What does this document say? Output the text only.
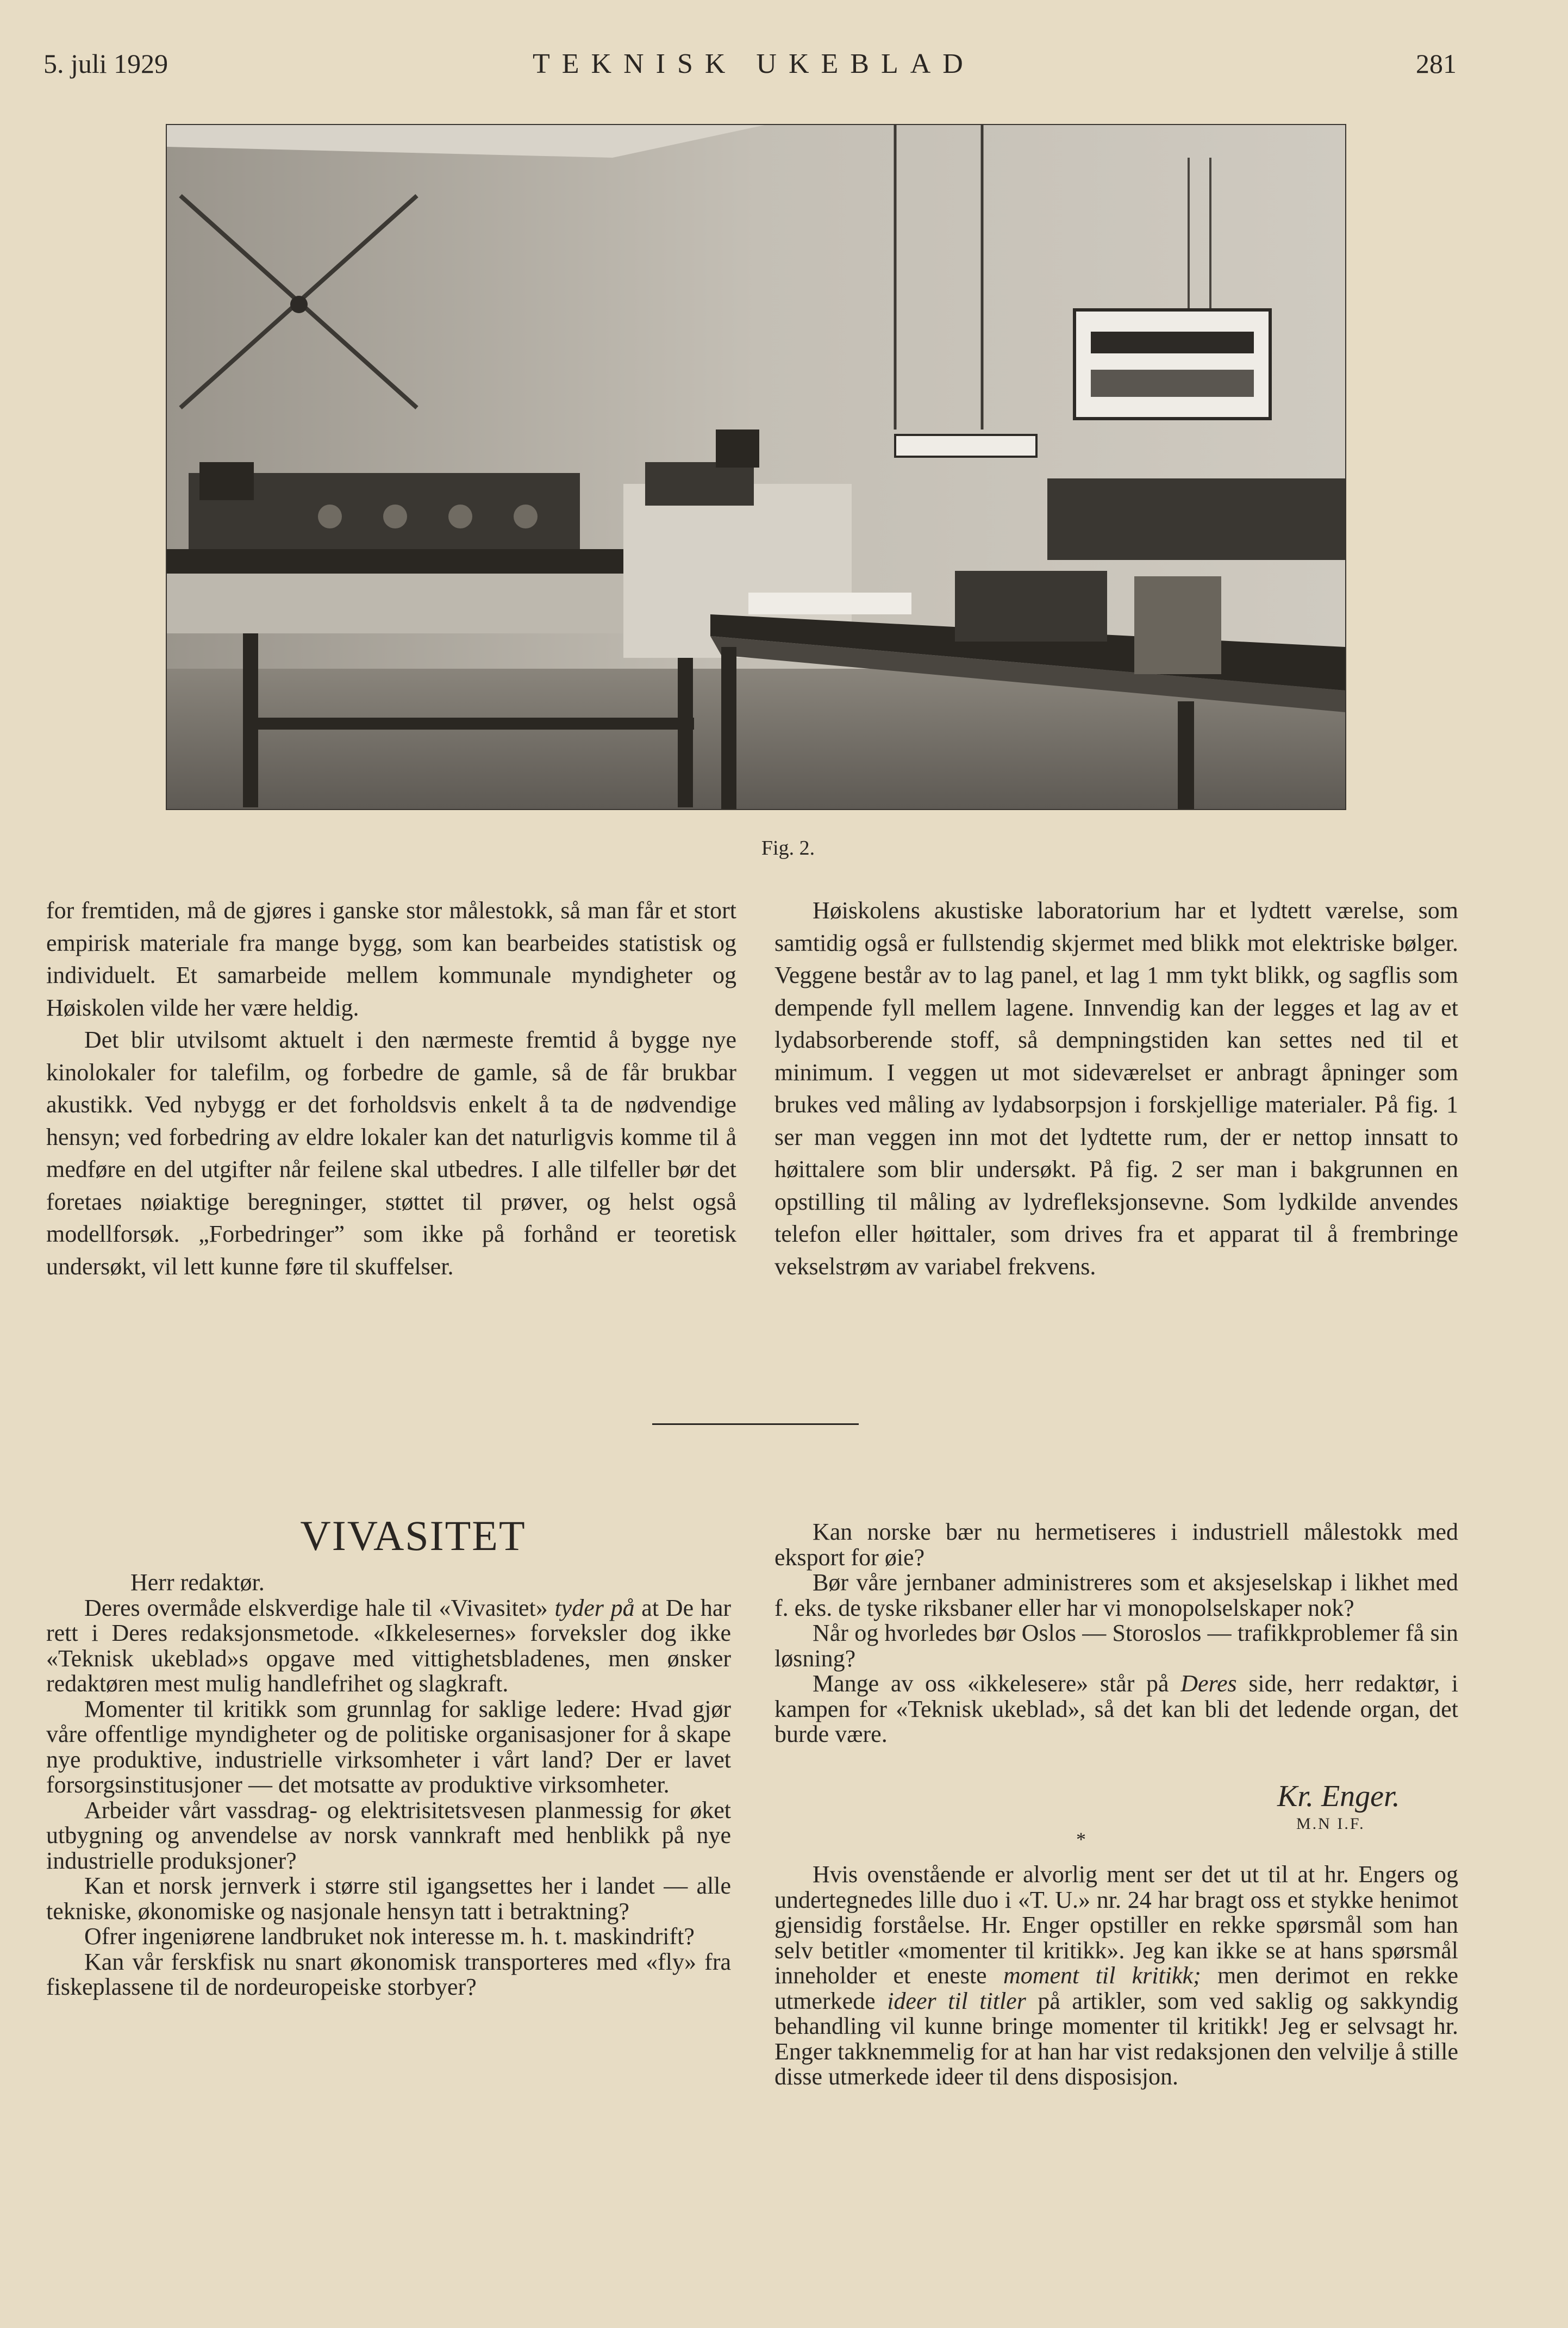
5. juli 1929	TEKNISK UKEBLAD	281
Fig. 2.

for fremtiden, må de gjøres i ganske stor målestokk, så man får et stort empirisk materiale fra mange bygg, som kan bearbeides statistisk og individuelt. Et samarbeide mellem kommunale myndigheter og Høiskolen vilde her være heldig.

Det blir utvilsomt aktuelt i den nærmeste fremtid å bygge nye kinolokaler for talefilm, og forbedre de gamle, så de får brukbar akustikk. Ved nybygg er det forholdsvis enkelt å ta de nødvendige hensyn; ved forbedring av eldre lokaler kan det naturligvis komme til å medføre en del utgifter når feilene skal utbedres. I alle tilfeller bør det foretaes nøiaktige beregninger, støttet til prøver, og helst også modellforsøk. „Forbedringer” som ikke på forhånd er teoretisk undersøkt, vil lett kunne føre til skuffelser.

Høiskolens akustiske laboratorium har et lydtett værelse, som samtidig også er fullstendig skjermet med blikk mot elektriske bølger. Veggene består av to lag panel, et lag 1 mm tykt blikk, og sagflis som dempende fyll mellem lagene. Innvendig kan der legges et lag av et lydabsorberende stoff, så dempningstiden kan settes ned til et minimum. I veggen ut mot sideværelset er anbragt åpninger som brukes ved måling av lydabsorpsjon i forskjellige materialer. På fig. 1 ser man veggen inn mot det lydtette rum, der er nettop innsatt to høittalere som blir undersøkt. På fig. 2 ser man i bakgrunnen en opstilling til måling av lydrefleksjonsevne. Som lydkilde anvendes telefon eller høittaler, som drives fra et apparat til å frembringe vekselstrøm av variabel frekvens.

VIVASITET

Herr redaktør.

Deres overmåde elskverdige hale til «Vivasitet» tyder på at De har rett i Deres redaksjonsmetode. «Ikkelesernes» forveksler dog ikke «Teknisk ukeblad»s opgave med vittighetsbladenes, men ønsker redaktøren mest mulig handlefrihet og slagkraft.

Momenter til kritikk som grunnlag for saklige ledere: Hvad gjør våre offentlige myndigheter og de politiske organisasjoner for å skape nye produktive, industrielle virksomheter i vårt land? Der er lavet forsorgsinstitusjoner — det motsatte av produktive virksomheter.

Arbeider vårt vassdrag- og elektrisitetsvesen planmessig for øket utbygning og anvendelse av norsk vannkraft med henblikk på nye industrielle produksjoner?

Kan et norsk jernverk i større stil igangsettes her i landet — alle tekniske, økonomiske og nasjonale hensyn tatt i betraktning?

Ofrer ingeniørene landbruket nok interesse m. h. t. maskindrift?

Kan vår ferskfisk nu snart økonomisk transporteres med «fly» fra fiskeplassene til de nordeuropeiske storbyer?

Kan norske bær nu hermetiseres i industriell målestokk med eksport for øie?

Bør våre jernbaner administreres som et aksjeselskap i likhet med f. eks. de tyske riksbaner eller har vi monopolselskaper nok?

Når og hvorledes bør Oslos — Storoslos — trafikkproblemer få sin løsning?

Mange av oss «ikkelesere» står på Deres side, herr redaktør, i kampen for «Teknisk ukeblad», så det kan bli det ledende organ, det burde være.

Kr. Enger.
M.N I.F.
*

Hvis ovenstående er alvorlig ment ser det ut til at hr. Engers og undertegnedes lille duo i «T. U.» nr. 24 har bragt oss et stykke henimot gjensidig forståelse. Hr. Enger opstiller en rekke spørsmål som han selv betitler «momenter til kritikk». Jeg kan ikke se at hans spørsmål inneholder et eneste moment til kritikk; men derimot en rekke utmerkede ideer til titler på artikler, som ved saklig og sakkyndig behandling vil kunne bringe momenter til kritikk! Jeg er selvsagt hr. Enger takknemmelig for at han har vist redaksjonen den velvilje å stille disse utmerkede ideer til dens disposisjon.
